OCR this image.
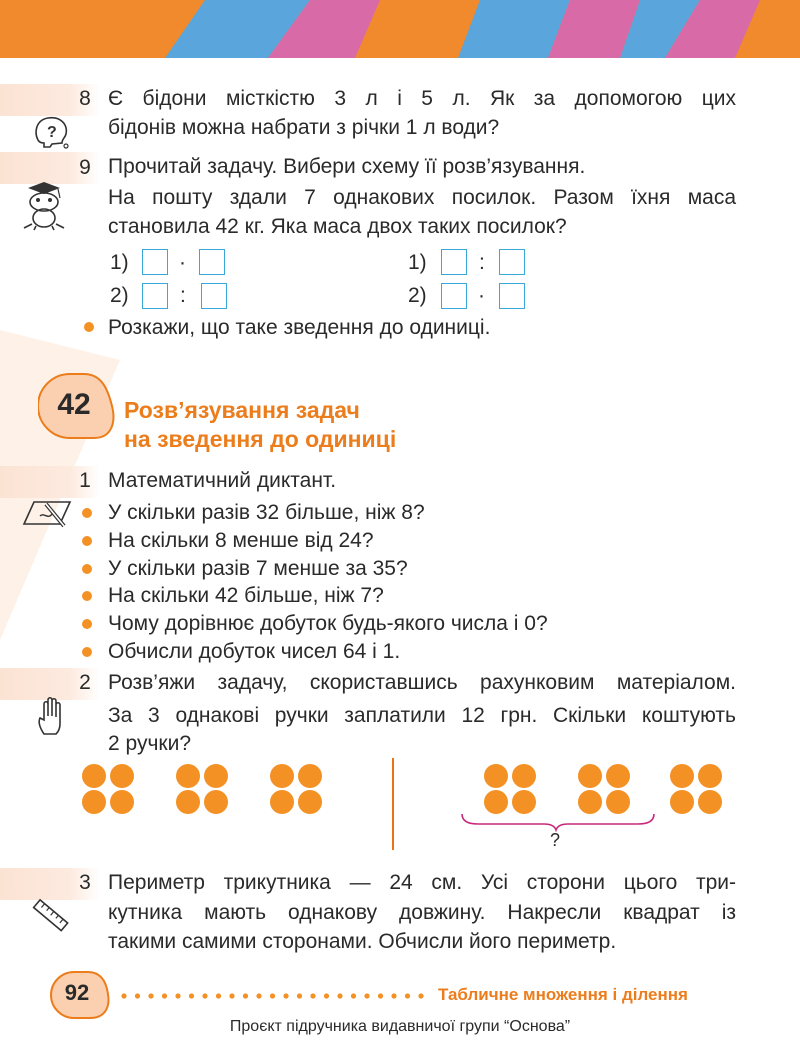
8
?
Є бідони місткістю 3 л і 5 л. Як за допомогою цих
бідонів можна набрати з річки 1 л води?
9 Прочитай задачу. Вибери схему її розв’язування.
На пошту здали 7 однакових посилок. Разом їхня маса
становила 42 кг. Яка маса двох таких посилок?
1) ·
2) :
1) :
2) ·
Розкажи, що таке зведення до одиниці.
42	Розв’язування задач
на зведення до одиниці
1 Математичний диктант.
У скільки разів 32 більше, ніж 8?
На скільки 8 менше від 24?
У скільки разів 7 менше за 35?
На скільки 42 більше, ніж 7?
Чому дорівнює добуток будь-якого числа і 0?
Обчисли добуток чисел 64 і 1.
2 Розв’яжи задачу, скориставшись рахунковим матеріалом.
За 3 однакові ручки заплатили 12 грн. Скільки коштують
2 ручки?
?
3 Периметр трикутника — 24 см. Усі сторони цього три-
кутника мають однакову довжину. Накресли квадрат із
такими самими сторонами. Обчисли його периметр.
92	Табличне множення і ділення
Проєкт підручника видавничої групи “Основа”
